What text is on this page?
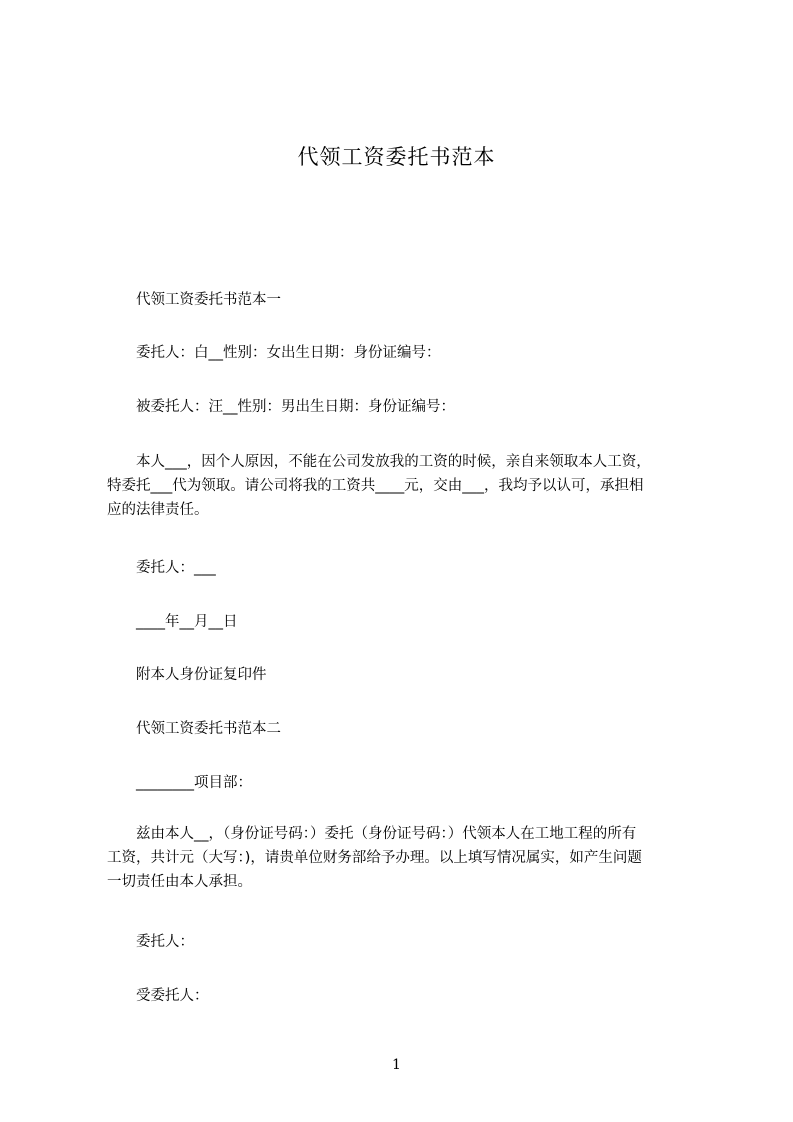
代领工资委托书范本

代领工资委托书范本一

委托人：白__性别：女出生日期：身份证编号：

被委托人：汪__性别：男出生日期：身份证编号：

本人___，因个人原因，不能在公司发放我的工资的时候，亲自来领取本人工资，
特委托___代为领取。请公司将我的工资共____元，交由___，我均予以认可，承担相
应的法律责任。

委托人：___

____年__月__日

附本人身份证复印件

代领工资委托书范本二

________项目部：

兹由本人__，（身份证号码：）委托（身份证号码：）代领本人在工地工程的所有
工资，共计元（大写：)，请贵单位财务部给予办理。以上填写情况属实，如产生问题
一切责任由本人承担。

委托人：

受委托人：

1
